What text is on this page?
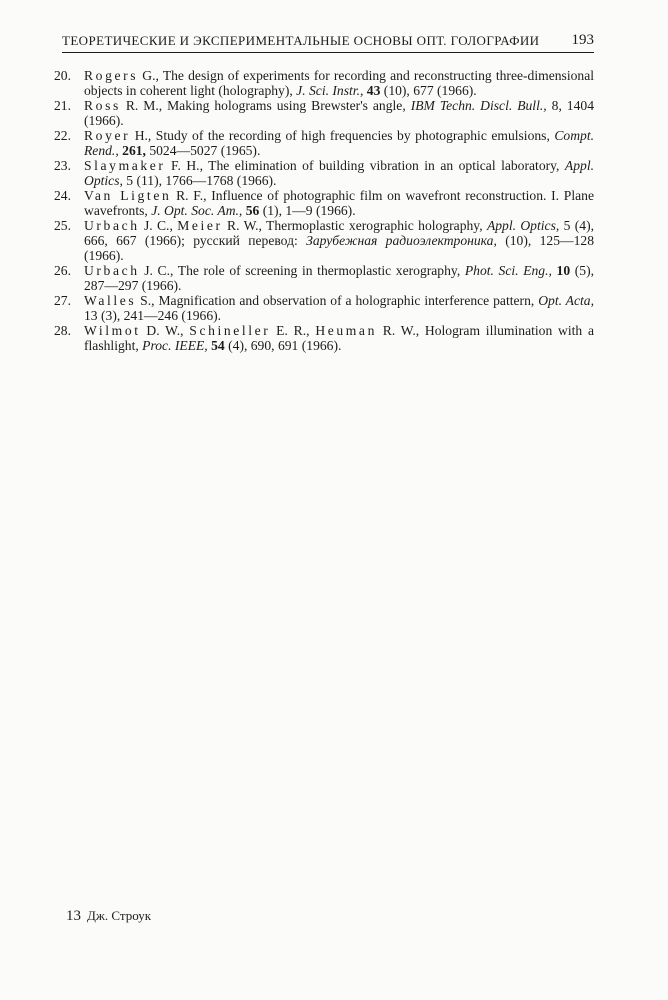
ТЕОРЕТИЧЕСКИЕ И ЭКСПЕРИМЕНТАЛЬНЫЕ ОСНОВЫ ОПТ. ГОЛОГРАФИИ 193
20. Rogers G., The design of experiments for recording and reconstructing three-dimensional objects in coherent light (holography), J. Sci. Instr., 43 (10), 677 (1966).
21. Ross R. M., Making holograms using Brewster's angle, IBM Techn. Discl. Bull., 8, 1404 (1966).
22. Royer H., Study of the recording of high frequencies by photographic emulsions, Compt. Rend., 261, 5024—5027 (1965).
23. Slaymaker F. H., The elimination of building vibration in an optical laboratory, Appl. Optics, 5 (11), 1766—1768 (1966).
24. Van Ligten R. F., Influence of photographic film on wavefront reconstruction. I. Plane wavefronts, J. Opt. Soc. Am., 56 (1), 1—9 (1966).
25. Urbach J. C., Meier R. W., Thermoplastic xerographic holography, Appl. Optics, 5 (4), 666, 667 (1966); русский перевод: Зарубежная радиоэлектроника, (10), 125—128 (1966).
26. Urbach J. C., The role of screening in thermoplastic xerography, Phot. Sci. Eng., 10 (5), 287—297 (1966).
27. Walles S., Magnification and observation of a holographic interference pattern, Opt. Acta, 13 (3), 241—246 (1966).
28. Wilmot D. W., Schineller E. R., Heuman R. W., Hologram illumination with a flashlight, Proc. IEEE, 54 (4), 690, 691 (1966).
13 Дж. Строук
